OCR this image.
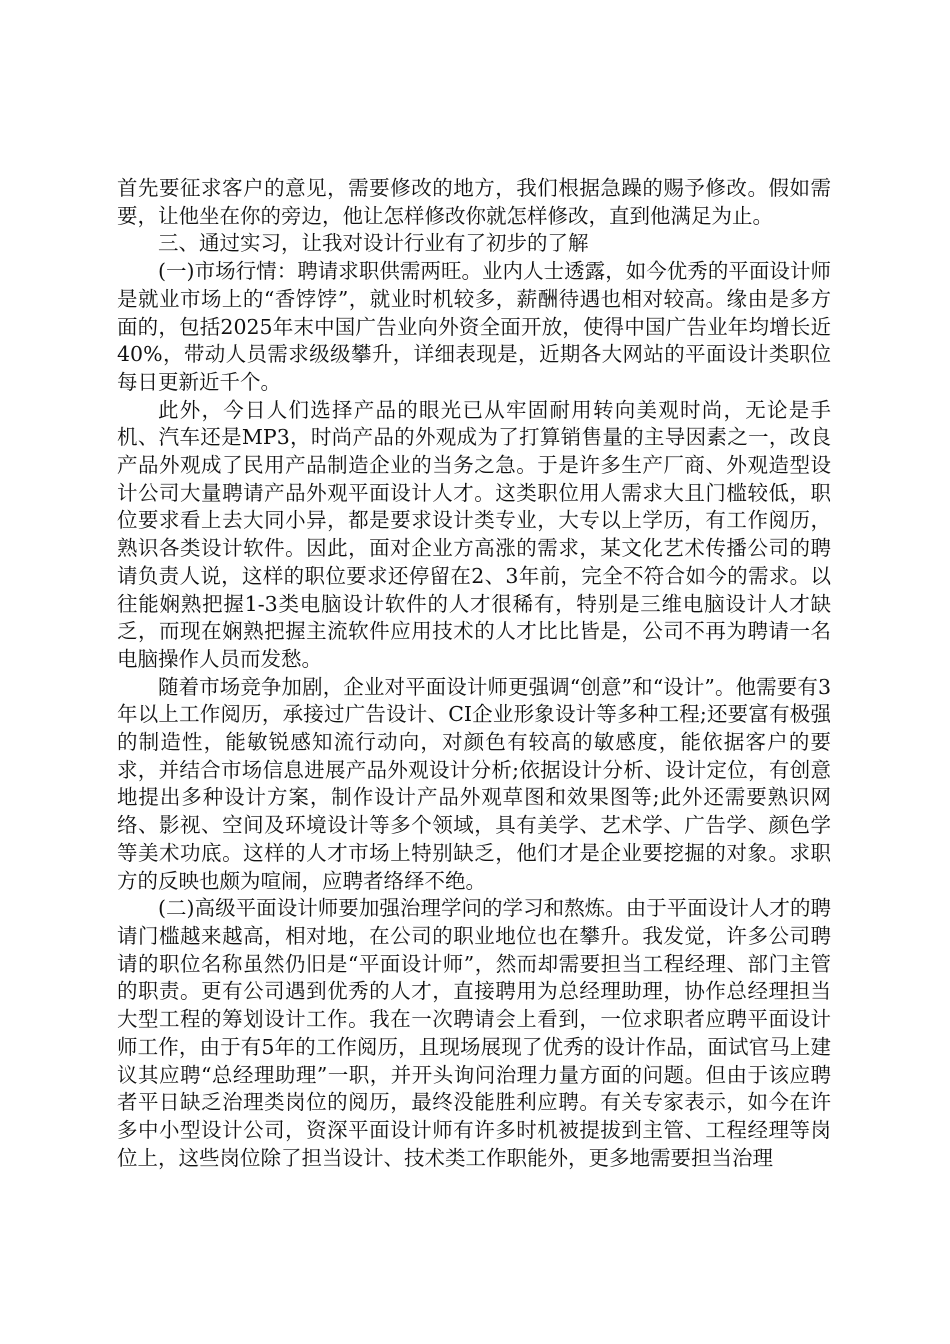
首先要征求客户的意见，需要修改的地方，我们根据急躁的赐予修改。假如需要，让他坐在你的旁边，他让怎样修改你就怎样修改，直到他满足为止。

三、通过实习，让我对设计行业有了初步的了解

(一)市场行情：聘请求职供需两旺。业内人士透露，如今优秀的平面设计师是就业市场上的“香饽饽”，就业时机较多，薪酬待遇也相对较高。缘由是多方面的，包括2025年末中国广告业向外资全面开放，使得中国广告业年均增长近40%，带动人员需求级级攀升，详细表现是，近期各大网站的平面设计类职位每日更新近千个。

此外，今日人们选择产品的眼光已从牢固耐用转向美观时尚，无论是手机、汽车还是MP3，时尚产品的外观成为了打算销售量的主导因素之一，改良产品外观成了民用产品制造企业的当务之急。于是许多生产厂商、外观造型设计公司大量聘请产品外观平面设计人才。这类职位用人需求大且门槛较低，职位要求看上去大同小异，都是要求设计类专业，大专以上学历，有工作阅历，熟识各类设计软件。因此，面对企业方高涨的需求，某文化艺术传播公司的聘请负责人说，这样的职位要求还停留在2、3年前，完全不符合如今的需求。以往能娴熟把握1-3类电脑设计软件的人才很稀有，特别是三维电脑设计人才缺乏，而现在娴熟把握主流软件应用技术的人才比比皆是，公司不再为聘请一名电脑操作人员而发愁。

随着市场竞争加剧，企业对平面设计师更强调“创意”和“设计”。他需要有3年以上工作阅历，承接过广告设计、CI企业形象设计等多种工程;还要富有极强的制造性，能敏锐感知流行动向，对颜色有较高的敏感度，能依据客户的要求，并结合市场信息进展产品外观设计分析;依据设计分析、设计定位，有创意地提出多种设计方案，制作设计产品外观草图和效果图等;此外还需要熟识网络、影视、空间及环境设计等多个领域，具有美学、艺术学、广告学、颜色学等美术功底。这样的人才市场上特别缺乏，他们才是企业要挖掘的对象。求职方的反映也颇为喧闹，应聘者络绎不绝。

(二)高级平面设计师要加强治理学问的学习和熬炼。由于平面设计人才的聘请门槛越来越高，相对地，在公司的职业地位也在攀升。我发觉，许多公司聘请的职位名称虽然仍旧是“平面设计师”，然而却需要担当工程经理、部门主管的职责。更有公司遇到优秀的人才，直接聘用为总经理助理，协作总经理担当大型工程的筹划设计工作。我在一次聘请会上看到，一位求职者应聘平面设计师工作，由于有5年的工作阅历，且现场展现了优秀的设计作品，面试官马上建议其应聘“总经理助理”一职，并开头询问治理力量方面的问题。但由于该应聘者平日缺乏治理类岗位的阅历，最终没能胜利应聘。有关专家表示，如今在许多中小型设计公司，资深平面设计师有许多时机被提拔到主管、工程经理等岗位上，这些岗位除了担当设计、技术类工作职能外，更多地需要担当治理
